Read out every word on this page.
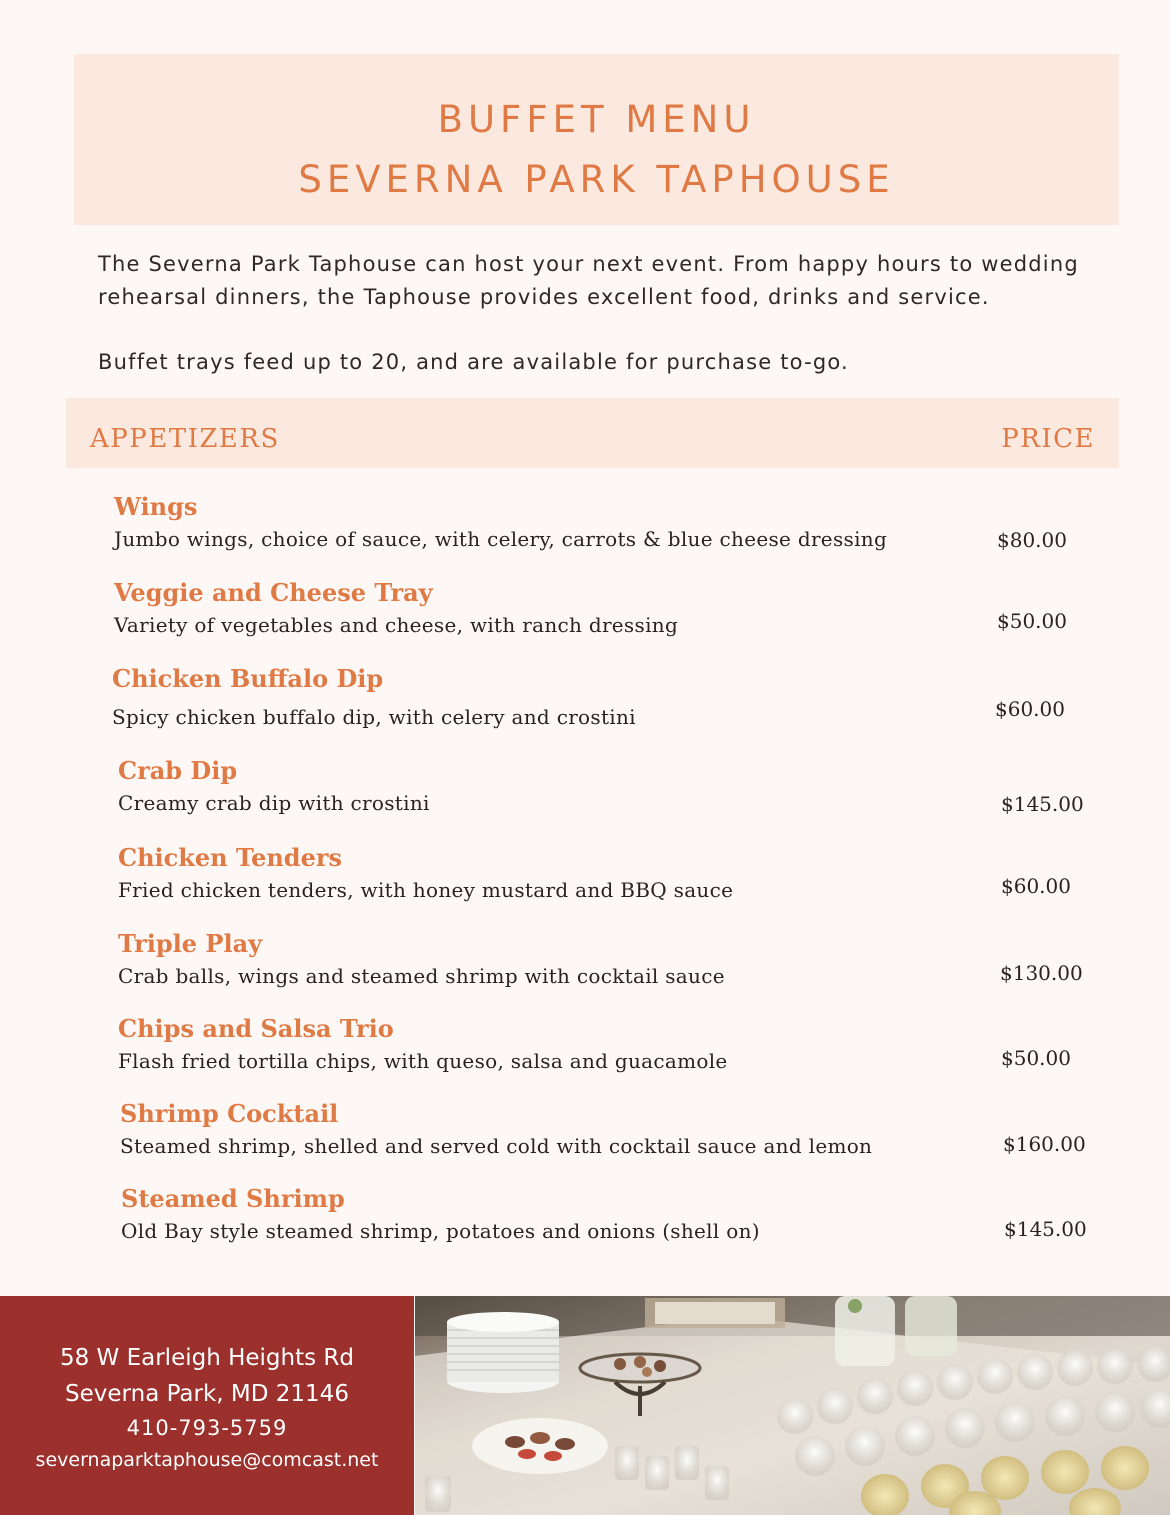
BUFFET MENU
SEVERNA PARK TAPHOUSE

The Severna Park Taphouse can host your next event. From happy hours to wedding rehearsal dinners, the Taphouse provides excellent food, drinks and service.

Buffet trays feed up to 20, and are available for purchase to-go.

APPETIZERS	PRICE
Wings
Jumbo wings, choice of sauce, with celery, carrots & blue cheese dressing	$80.00
Veggie and Cheese Tray
Variety of vegetables and cheese, with ranch dressing	$50.00
Chicken Buffalo Dip
Spicy chicken buffalo dip, with celery and crostini	$60.00
Crab Dip
Creamy crab dip with crostini	$145.00
Chicken Tenders
Fried chicken tenders, with honey mustard and BBQ sauce	$60.00
Triple Play
Crab balls, wings and steamed shrimp with cocktail sauce	$130.00
Chips and Salsa Trio
Flash fried tortilla chips, with queso, salsa and guacamole	$50.00
Shrimp Cocktail
Steamed shrimp, shelled and served cold with cocktail sauce and lemon	$160.00
Steamed Shrimp
Old Bay style steamed shrimp, potatoes and onions (shell on)	$145.00
58 W Earleigh Heights Rd
Severna Park, MD 21146
410-793-5759
severnaparktaphouse@comcast.net
